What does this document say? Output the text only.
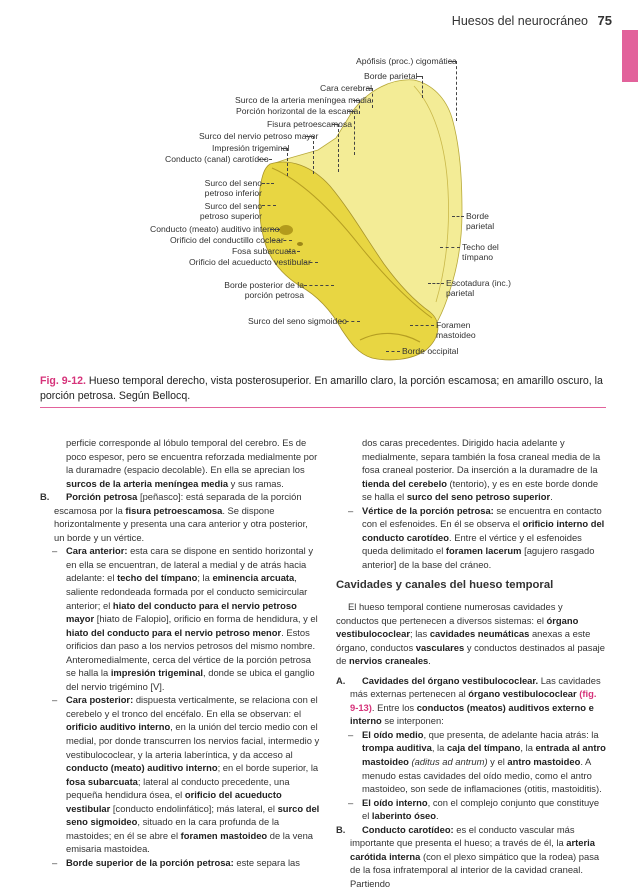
Huesos del neurocráneo 75
Apófisis (proc.) cigomática
Borde parietal
Cara cerebral
Surco de la arteria meníngea media
Porción horizontal de la escama
Fisura petroescamosa
Surco del nervio petroso mayor
Impresión trigeminal
Conducto (canal) carotídeo
Surco del seno petroso inferior
Surco del seno petroso superior
Conducto (meato) auditivo interno
Orificio del conductillo coclear
Fosa subarcuata
Orificio del acueducto vestibular
Borde posterior de la porción petrosa
Surco del seno sigmoideo
Borde parietal
Techo del tímpano
Escotadura (inc.) parietal
Foramen mastoideo
Borde occipital
Fig. 9-12. Hueso temporal derecho, vista posterosuperior. En amarillo claro, la porción escamosa; en amarillo oscuro, la porción petrosa. Según Bellocq.

perficie corresponde al lóbulo temporal del cerebro. Es de poco espesor, pero se encuentra reforzada medialmente por la duramadre (espacio decolable). En ella se aprecian los surcos de la arteria meníngea media y sus ramas.

B. Porción petrosa [peñasco]: está separada de la porción escamosa por la fisura petroescamosa. Se dispone horizontalmente y presenta una cara anterior y otra posterior, un borde y un vértice.

– Cara anterior: esta cara se dispone en sentido horizontal y en ella se encuentran, de lateral a medial y de atrás hacia adelante: el techo del tímpano; la eminencia arcuata, saliente redondeada formada por el conducto semicircular anterior; el hiato del conducto para el nervio petroso mayor [hiato de Falopio], orificio en forma de hendidura, y el hiato del conducto para el nervio petroso menor. Estos orificios dan paso a los nervios petrosos del mismo nombre. Anteromedialmente, cerca del vértice de la porción petrosa se halla la impresión trigeminal, donde se ubica el ganglio del nervio trigémino [V].

– Cara posterior: dispuesta verticalmente, se relaciona con el cerebelo y el tronco del encéfalo. En ella se observan: el orificio auditivo interno, en la unión del tercio medio con el medial, por donde transcurren los nervios facial, intermedio y vestibulococlear, y la arteria laberíntica, y da acceso al conducto (meato) auditivo interno; en el borde superior, la fosa subarcuata; lateral al conducto precedente, una pequeña hendidura ósea, el orificio del acueducto vestibular [conducto endolinfático]; más lateral, el surco del seno sigmoideo, situado en la cara profunda de la mastoides; en él se abre el foramen mastoideo de la vena emisaria mastoidea.

– Borde superior de la porción petrosa: este separa las

dos caras precedentes. Dirigido hacia adelante y medialmente, separa también la fosa craneal media de la fosa craneal posterior. Da inserción a la duramadre de la tienda del cerebelo (tentorio), y es en este borde donde se halla el surco del seno petroso superior.

– Vértice de la porción petrosa: se encuentra en contacto con el esfenoides. En él se observa el orificio interno del conducto carotídeo. Entre el vértice y el esfenoides queda delimitado el foramen lacerum [agujero rasgado anterior] de la base del cráneo.

Cavidades y canales del hueso temporal

El hueso temporal contiene numerosas cavidades y conductos que pertenecen a diversos sistemas: el órgano vestibulococlear; las cavidades neumáticas anexas a este órgano, conductos vasculares y conductos destinados al pasaje de nervios craneales.

A. Cavidades del órgano vestibulococlear. Las cavidades más externas pertenecen al órgano vestibulococlear (fig. 9-13). Entre los conductos (meatos) auditivos externo e interno se interponen:

– El oído medio, que presenta, de adelante hacia atrás: la trompa auditiva, la caja del tímpano, la entrada al antro mastoideo (aditus ad antrum) y el antro mastoideo. A menudo estas cavidades del oído medio, como el antro mastoideo, son sede de inflamaciones (otitis, mastoiditis).

– El oído interno, con el complejo conjunto que constituye el laberinto óseo.

B. Conducto carotídeo: es el conducto vascular más importante que presenta el hueso; a través de él, la arteria carótida interna (con el plexo simpático que la rodea) pasa de la fosa infratemporal al interior de la cavidad craneal. Partiendo
